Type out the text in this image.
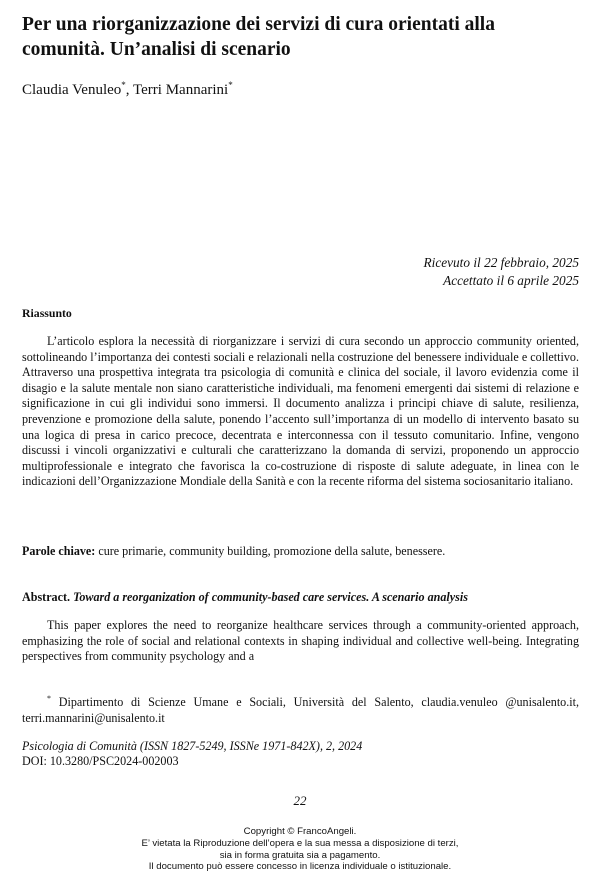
Per una riorganizzazione dei servizi di cura orientati alla comunità. Un’analisi di scenario
Claudia Venuleo*, Terri Mannarini*
Ricevuto il 22 febbraio, 2025
Accettato il 6 aprile 2025
Riassunto
L’articolo esplora la necessità di riorganizzare i servizi di cura secondo un approccio community oriented, sottolineando l’importanza dei contesti sociali e relazionali nella costruzione del benessere individuale e collettivo. Attraverso una prospettiva integrata tra psicologia di comunità e clinica del sociale, il lavoro evidenzia come il disagio e la salute mentale non siano caratteristiche individuali, ma fenomeni emergenti dai sistemi di relazione e significazione in cui gli individui sono immersi. Il documento analizza i principi chiave di salute, resilienza, prevenzione e promozione della salute, ponendo l’accento sull’importanza di un modello di intervento basato su una logica di presa in carico precoce, decentrata e interconnessa con il tessuto comunitario. Infine, vengono discussi i vincoli organizzativi e culturali che caratterizzano la domanda di servizi, proponendo un approccio multiprofessionale e integrato che favorisca la co-costruzione di risposte di salute adeguate, in linea con le indicazioni dell’Organizzazione Mondiale della Sanità e con la recente riforma del sistema sociosanitario italiano.
Parole chiave: cure primarie, community building, promozione della salute, benessere.
Abstract. Toward a reorganization of community-based care services. A scenario analysis
This paper explores the need to reorganize healthcare services through a community-oriented approach, emphasizing the role of social and relational contexts in shaping individual and collective well-being. Integrating perspectives from community psychology and a
* Dipartimento di Scienze Umane e Sociali, Università del Salento, claudia.venuleo @unisalento.it, terri.mannarini@unisalento.it
Psicologia di Comunità (ISSN 1827-5249, ISSNe 1971-842X), 2, 2024
DOI: 10.3280/PSC2024-002003
22
Copyright © FrancoAngeli.
E’ vietata la Riproduzione dell’opera e la sua messa a disposizione di terzi,
sia in forma gratuita sia a pagamento.
Il documento può essere concesso in licenza individuale o istituzionale.
